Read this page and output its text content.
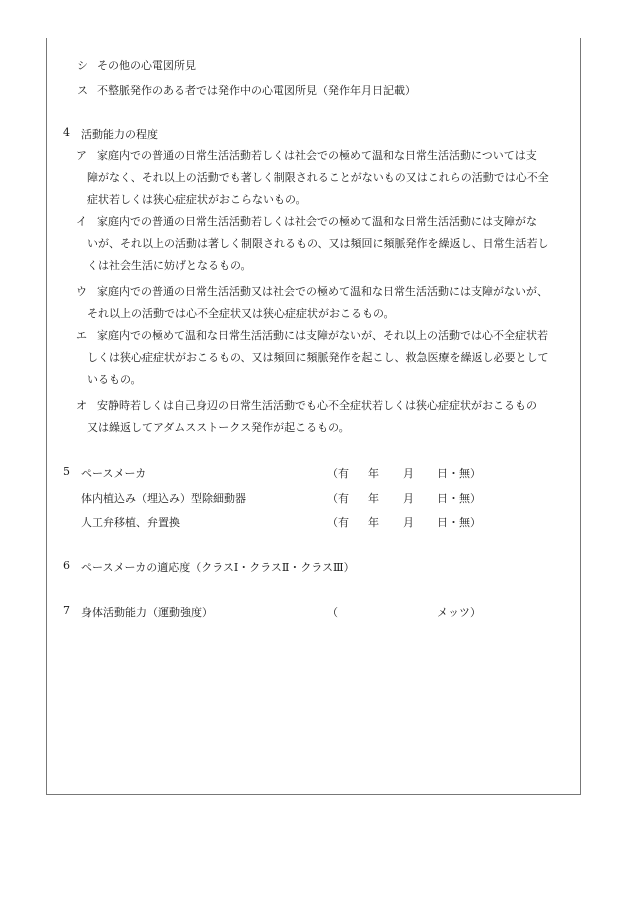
シ その他の心電図所見
ス 不整脈発作のある者では発作中の心電図所見（発作年月日記載）
4 活動能力の程度
ア 家庭内での普通の日常生活活動若しくは社会での極めて温和な日常生活活動については支
障がなく、それ以上の活動でも著しく制限されることがないもの又はこれらの活動では心不全
症状若しくは狭心症症状がおこらないもの。
イ 家庭内での普通の日常生活活動若しくは社会での極めて温和な日常生活活動には支障がな
いが、それ以上の活動は著しく制限されるもの、又は頻回に頻脈発作を繰返し、日常生活若し
くは社会生活に妨げとなるもの。
ウ 家庭内での普通の日常生活活動又は社会での極めて温和な日常生活活動には支障がないが、
それ以上の活動では心不全症状又は狭心症症状がおこるもの。
エ 家庭内での極めて温和な日常生活活動には支障がないが、それ以上の活動では心不全症状若
しくは狭心症症状がおこるもの、又は頻回に頻脈発作を起こし、救急医療を繰返し必要として
いるもの。
オ 安静時若しくは自己身辺の日常生活活動でも心不全症状若しくは狭心症症状がおこるもの
又は繰返してアダムスストークス発作が起こるもの。
5 ペースメーカ	（有 年 月 日・無）
体内植込み（埋込み）型除細動器	（有 年 月 日・無）
人工弁移植、弁置換	（有 年 月 日・無）
6 ペースメーカの適応度（クラスⅠ・クラスⅡ・クラスⅢ）
7 身体活動能力（運動強度）	（	メッツ）
